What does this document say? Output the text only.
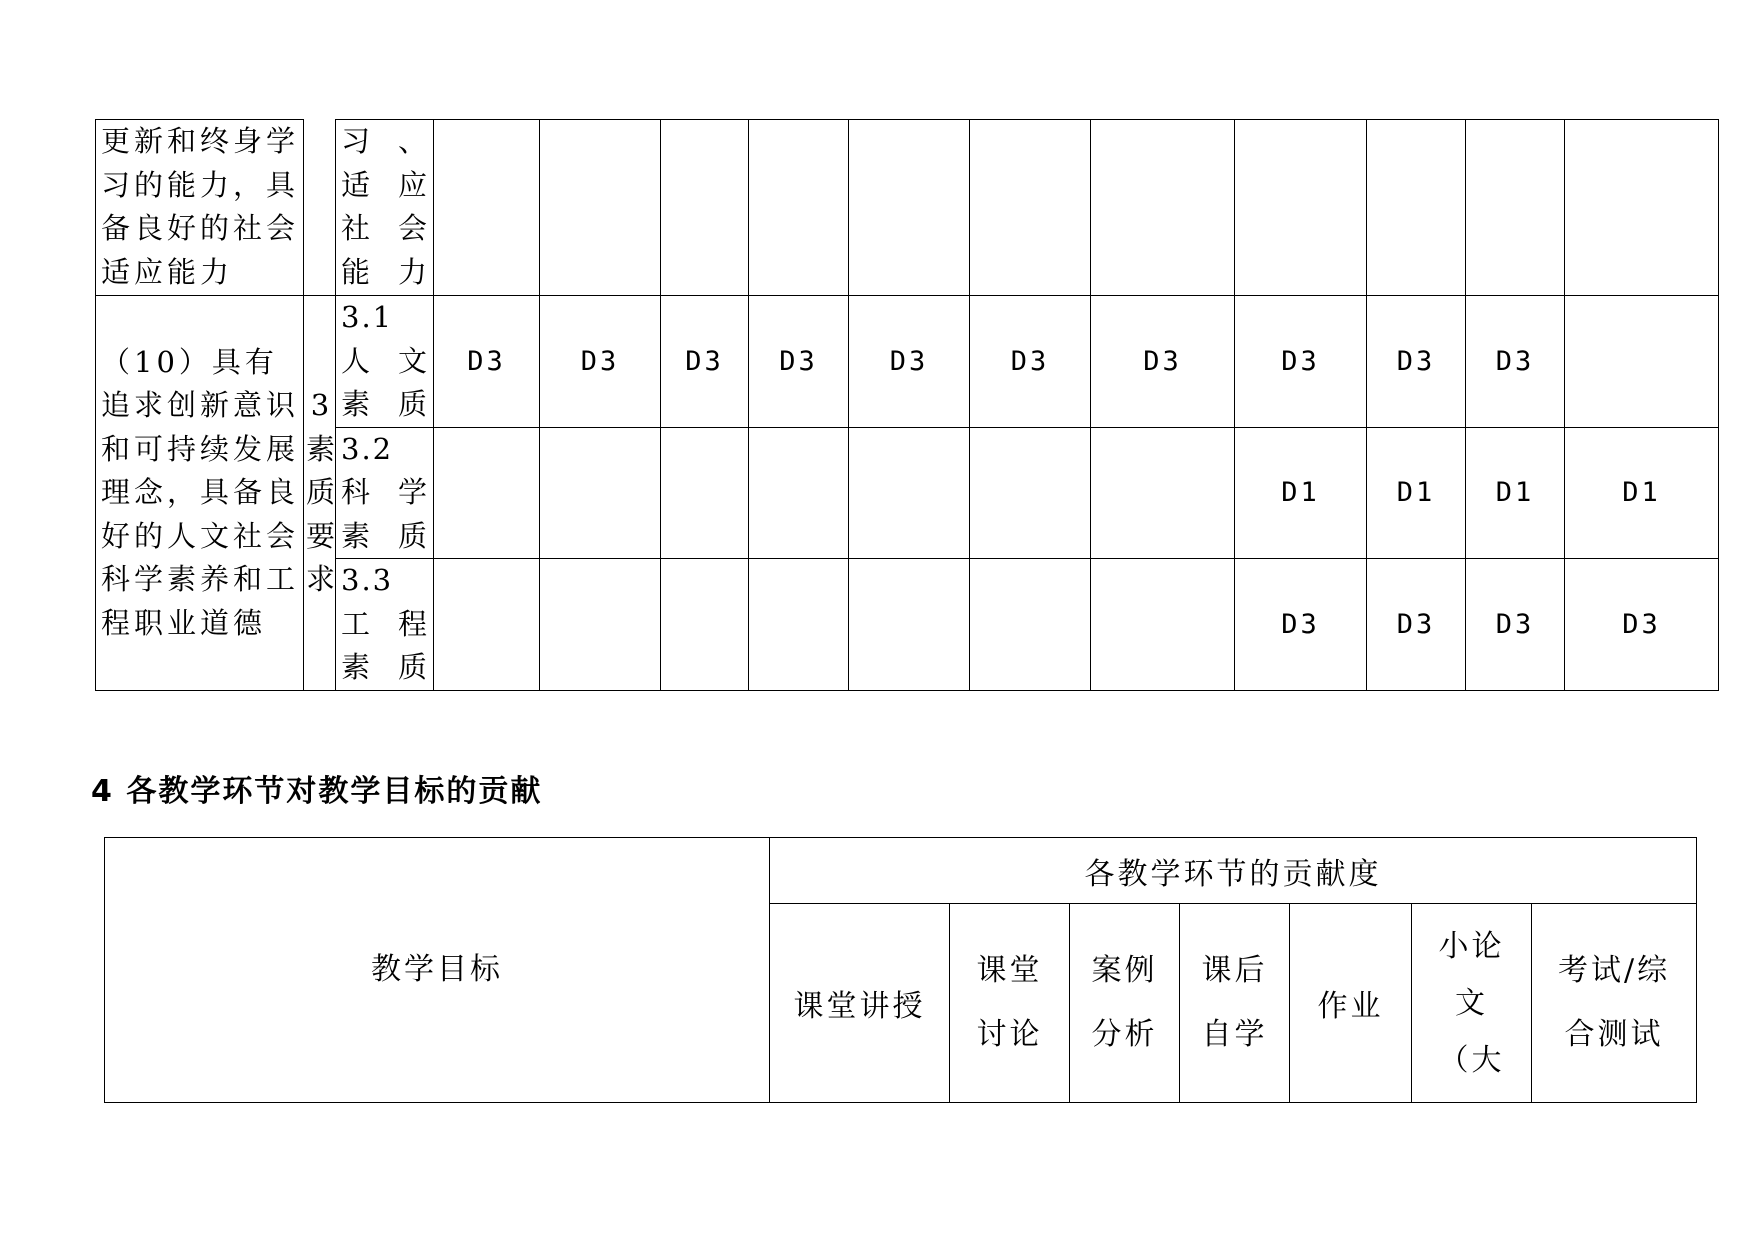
更新和终身学习的能力，具备良好的社会适应能力		习、适应 社会 能力											

（10）具有追求创新意识和可持续发展理念，具备良好的人文社会科学素养和工程职业道德	3素质要求	3.1 人文 素质	D3	D3	D3	D3	D3	D3	D3	D3	D3	D3	

		3.2 科学 素质								D1	D1	D1	D1

		3.3 工程 素质								D3	D3	D3	D3
4 各教学环节对教学目标的贡献
教学目标	各教学环节的贡献度						

	课堂讲授	课堂讨论	案例分析	课后自学	作业	小论文（大	考试/综合测试
